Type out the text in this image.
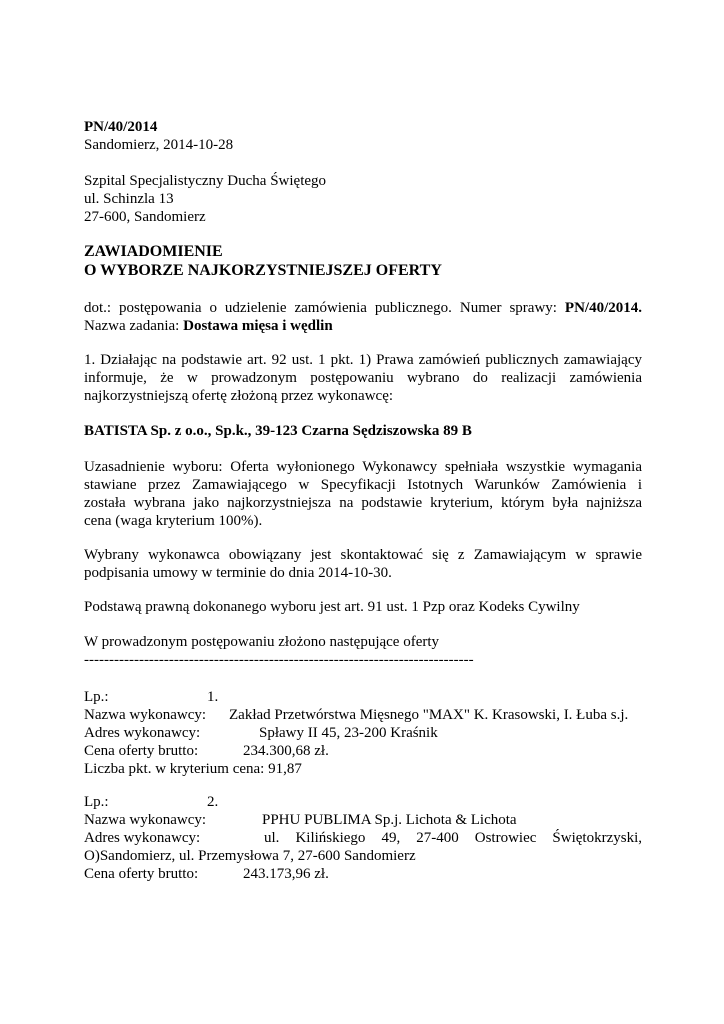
PN/40/2014
Sandomierz, 2014-10-28
Szpital Specjalistyczny Ducha Świętego
ul. Schinzla 13
27-600, Sandomierz
ZAWIADOMIENIE
O WYBORZE NAJKORZYSTNIEJSZEJ OFERTY
dot.: postępowania o udzielenie zamówienia publicznego. Numer sprawy: PN/40/2014.
Nazwa zadania: Dostawa mięsa i wędlin
1. Działając na podstawie art. 92 ust. 1 pkt. 1) Prawa zamówień publicznych zamawiający
informuje, że w prowadzonym postępowaniu wybrano do realizacji zamówienia
najkorzystniejszą ofertę złożoną przez wykonawcę:
BATISTA Sp. z o.o., Sp.k., 39-123 Czarna Sędziszowska 89 B
Uzasadnienie wyboru: Oferta wyłonionego Wykonawcy spełniała wszystkie wymagania
stawiane przez Zamawiającego w Specyfikacji Istotnych Warunków Zamówienia i
została wybrana jako najkorzystniejsza na podstawie kryterium, którym była najniższa
cena (waga kryterium 100%).
Wybrany wykonawca obowiązany jest skontaktować się z Zamawiającym w sprawie
podpisania umowy w terminie do dnia 2014-10-30.
Podstawą prawną dokonanego wyboru jest art. 91 ust. 1 Pzp oraz Kodeks Cywilny
W prowadzonym postępowaniu złożono następujące oferty
------------------------------------------------------------------------------
Lp.:	1.
Nazwa wykonawcy: Zakład Przetwórstwa Mięsnego "MAX" K. Krasowski, I. Łuba s.j.
Adres wykonawcy:	Spławy II 45, 23-200 Kraśnik
Cena oferty brutto:	234.300,68 zł.
Liczba pkt. w kryterium cena: 91,87
Lp.:	2.
Nazwa wykonawcy:	PPHU PUBLIMA Sp.j. Lichota & Lichota
Adres wykonawcy:	ul. Kilińskiego 49, 27-400 Ostrowiec Świętokrzyski,
O)Sandomierz, ul. Przemysłowa 7, 27-600 Sandomierz
Cena oferty brutto:	243.173,96 zł.
